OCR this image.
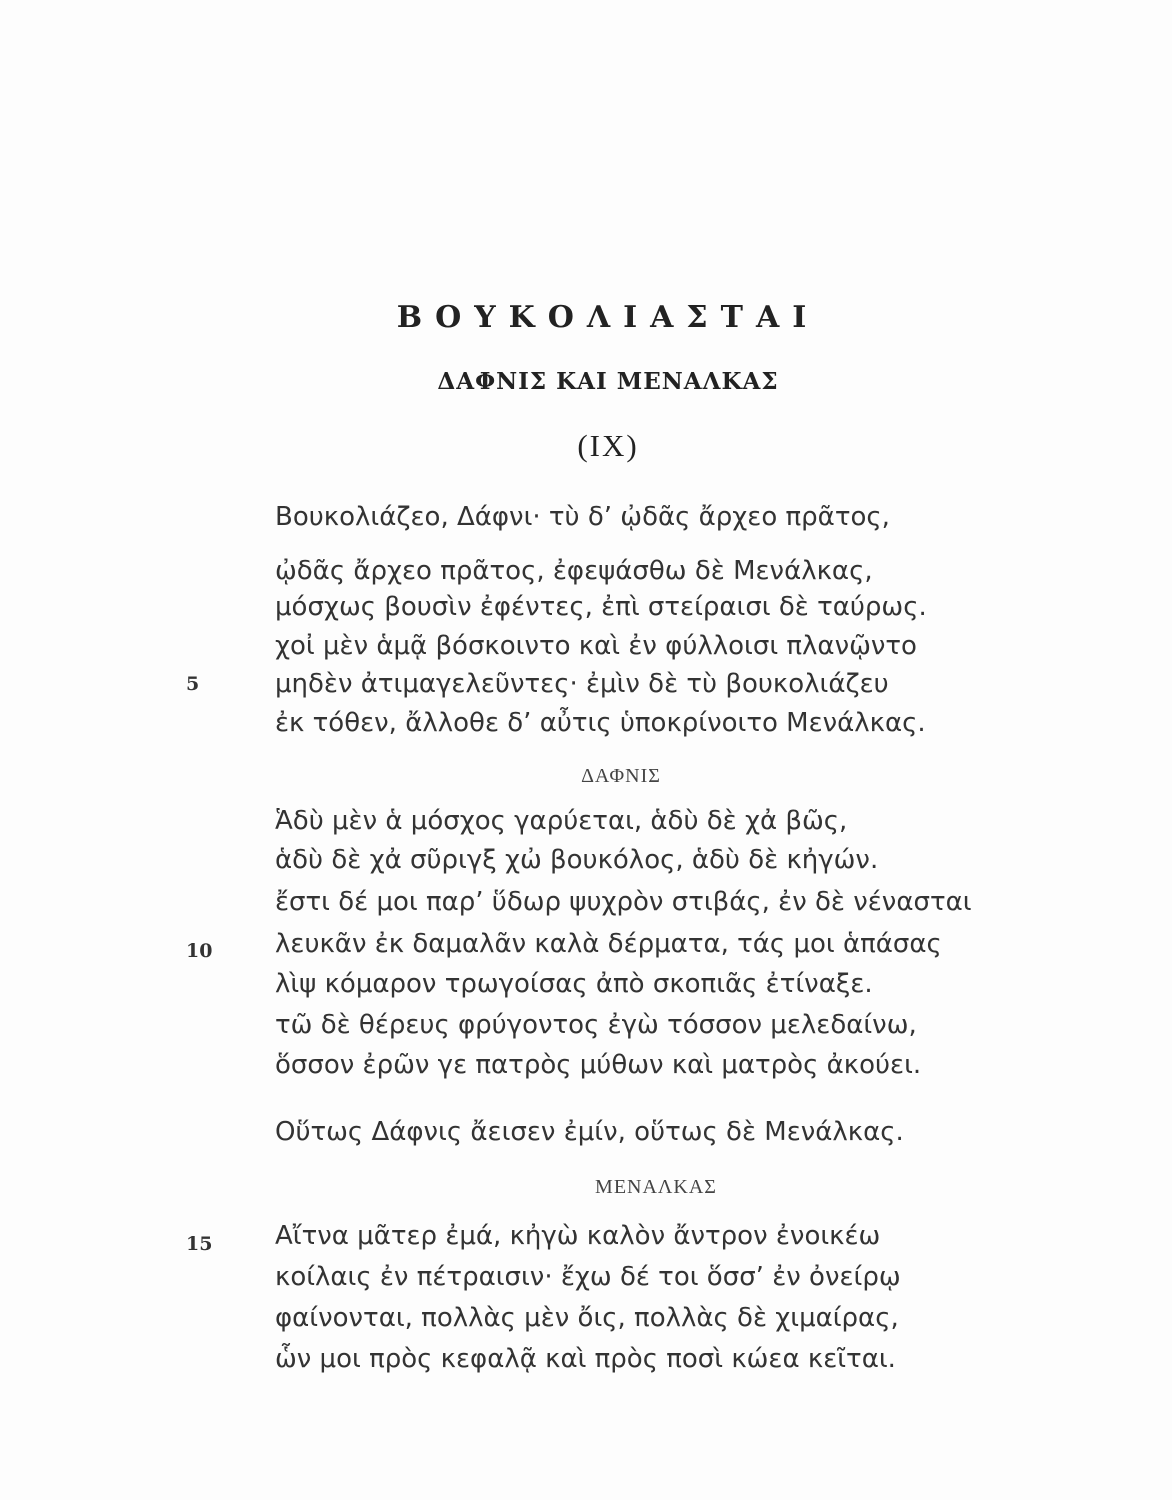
ΒΟΥΚΟΛΙΑΣΤΑΙ
ΔΑΦΝΙΣ ΚΑΙ ΜΕΝΑΛΚΑΣ
(IX)
Βουκολιάζεο, Δάφνι· τὺ δ’ ᾠδᾶς ἄρχεο πρᾶτος,
ᾠδᾶς ἄρχεο πρᾶτος, ἐφεψάσθω δὲ Μενάλκας,
μόσχως βουσὶν ἐφέντες, ἐπὶ στείραισι δὲ ταύρως.
χοἰ μὲν ἁμᾷ βόσκοιντο καὶ ἐν φύλλοισι πλανῷντο
5	μηδὲν ἀτιμαγελεῦντες· ἐμὶν δὲ τὺ βουκολιάζευ
ἐκ τόθεν, ἄλλοθε δ’ αὖτις ὑποκρίνοιτο Μενάλκας.
ΔΑΦΝΙΣ
Ἁδὺ μὲν ἁ μόσχος γαρύεται, ἁδὺ δὲ χἀ βῶς,
ἁδὺ δὲ χἀ σῦριγξ χὠ βουκόλος, ἁδὺ δὲ κἠγών.
ἔστι δέ μοι παρ’ ὕδωρ ψυχρὸν στιβάς, ἐν δὲ νένασται
10 λευκᾶν ἐκ δαμαλᾶν καλὰ δέρματα, τάς μοι ἁπάσας
λὶψ κόμαρον τρωγοίσας ἀπὸ σκοπιᾶς ἐτίναξε.
τῶ δὲ θέρευς φρύγοντος ἐγὼ τόσσον μελεδαίνω,
ὅσσον ἐρῶν γε πατρὸς μύθων καὶ ματρὸς ἀκούει.
Οὕτως Δάφνις ἄεισεν ἐμίν, οὕτως δὲ Μενάλκας.
ΜΕΝΑΛΚΑΣ
15 Αἴτνα μᾶτερ ἐμά, κἠγὼ καλὸν ἄντρον ἐνοικέω
κοίλαις ἐν πέτραισιν· ἔχω δέ τοι ὅσσ’ ἐν ὀνείρῳ
φαίνονται, πολλὰς μὲν ὄις, πολλὰς δὲ χιμαίρας,
ὧν μοι πρὸς κεφαλᾷ καὶ πρὸς ποσὶ κώεα κεῖται.
